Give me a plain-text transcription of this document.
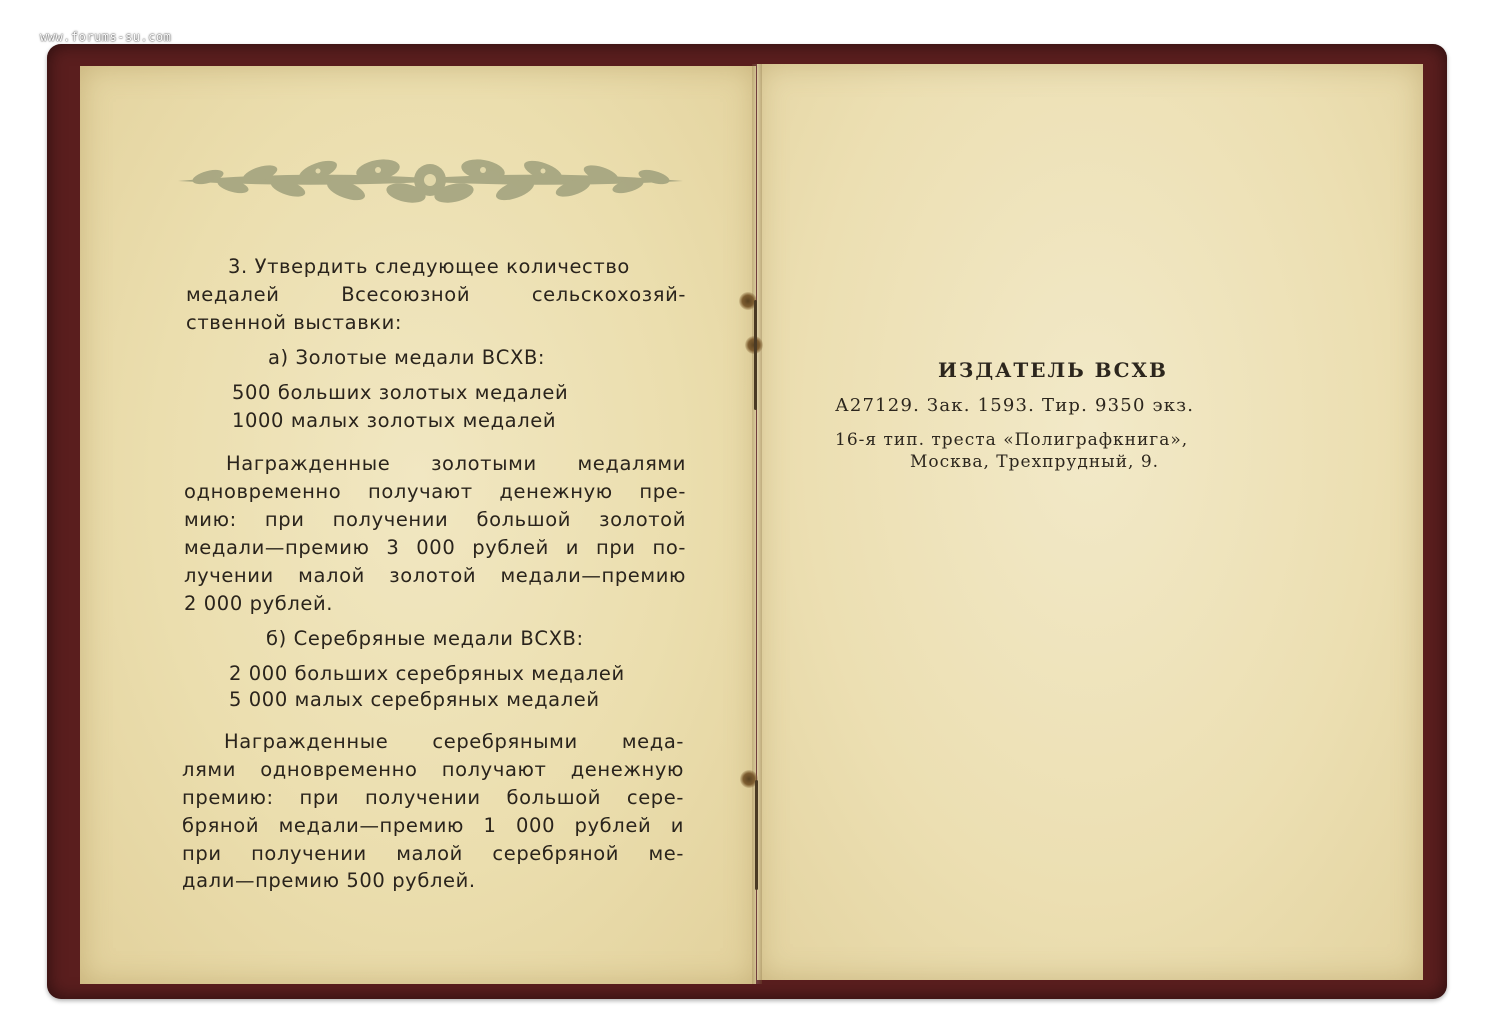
www.forums-su.com
3. Утвердить следующее количество
медалей Всесоюзной сельскохозяй-
ственной выставки:
а) Золотые медали ВСХВ:
500 больших золотых медалей
1000 малых золотых медалей
Награжденные золотыми медалями
одновременно получают денежную пре-
мию: при получении большой золотой
медали—премию 3 000 рублей и при по-
лучении малой золотой медали—премию
2 000 рублей.
б) Серебряные медали ВСХВ:
2 000 больших серебряных медалей
5 000 малых серебряных медалей
Награжденные серебряными меда-
лями одновременно получают денежную
премию: при получении большой сере-
бряной медали—премию 1 000 рублей и
при получении малой серебряной ме-
дали—премию 500 рублей.
ИЗДАТЕЛЬ ВСХВ
А27129. Зак. 1593. Тир. 9350 экз.
16-я тип. треста «Полиграфкнига»,
Москва, Трехпрудный, 9.
